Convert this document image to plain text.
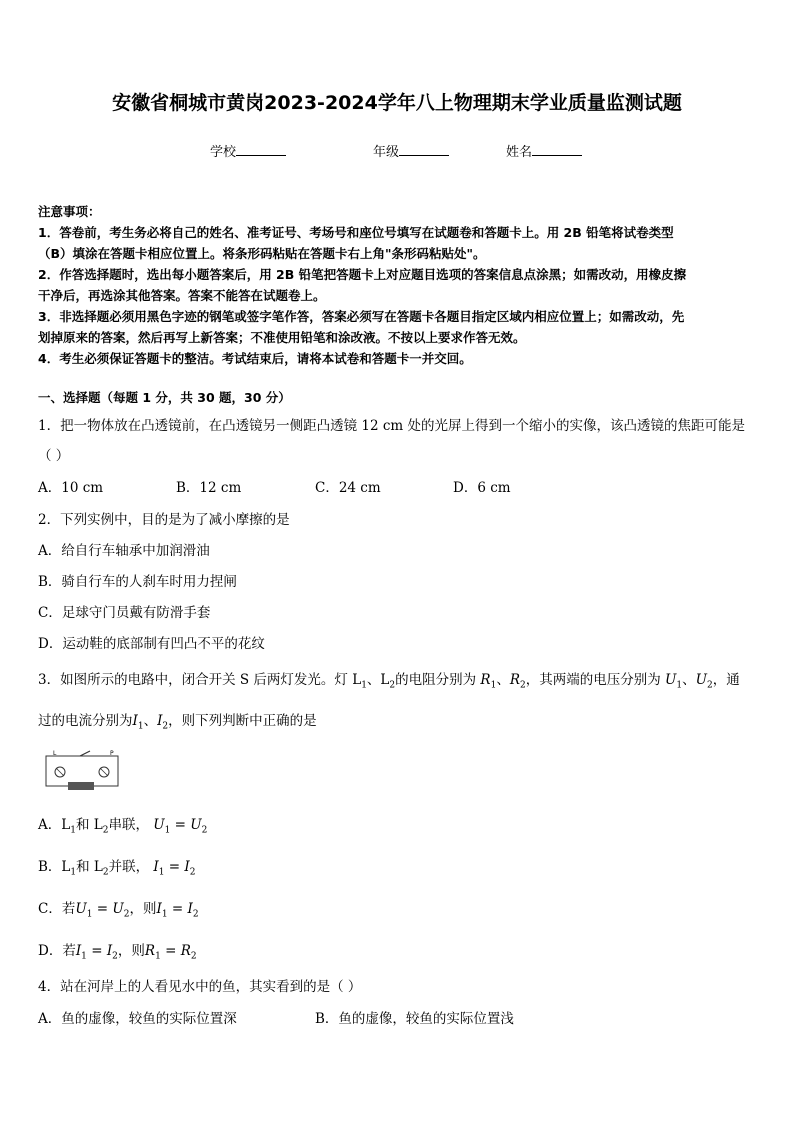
安徽省桐城市黄岗2023-2024学年八上物理期末学业质量监测试题
学校	年级	姓名
注意事项：
1．答卷前，考生务必将自己的姓名、准考证号、考场号和座位号填写在试题卷和答题卡上。用 2B 铅笔将试卷类型
（B）填涂在答题卡相应位置上。将条形码粘贴在答题卡右上角"条形码粘贴处"。
2．作答选择题时，选出每小题答案后，用 2B 铅笔把答题卡上对应题目选项的答案信息点涂黑；如需改动，用橡皮擦
干净后，再选涂其他答案。答案不能答在试题卷上。
3．非选择题必须用黑色字迹的钢笔或签字笔作答，答案必须写在答题卡各题目指定区域内相应位置上；如需改动，先
划掉原来的答案，然后再写上新答案；不准使用铅笔和涂改液。不按以上要求作答无效。
4．考生必须保证答题卡的整洁。考试结束后，请将本试卷和答题卡一并交回。
一、选择题（每题 1 分，共 30 题，30 分）
1．把一物体放在凸透镜前，在凸透镜另一侧距凸透镜 12 cm 处的光屏上得到一个缩小的实像，该凸透镜的焦距可能是
（ ）
A．10 cm	B．12 cm	C．24 cm	D．6 cm
2．下列实例中，目的是为了减小摩擦的是
A．给自行车轴承中加润滑油
B．骑自行车的人刹车时用力捏闸
C．足球守门员戴有防滑手套
D．运动鞋的底部制有凹凸不平的花纹
3．如图所示的电路中，闭合开关 S 后两灯发光。灯 $L_1$、$L_2$的电阻分别为 $R_1$、$R_2$，其两端的电压分别为 $U_1$、$U_2$，通
过的电流分别为$I_1$、$I_2$，则下列判断中正确的是
L	P
A．$L_1$和 $L_2$串联， $U_1 = U_2$
B．$L_1$和 $L_2$并联， $I_1 = I_2$
C．若$U_1 = U_2$，则$I_1 = I_2$
D．若$I_1 = I_2$，则$R_1 = R_2$
4．站在河岸上的人看见水中的鱼，其实看到的是（ ）
A．鱼的虚像，较鱼的实际位置深	B．鱼的虚像，较鱼的实际位置浅
